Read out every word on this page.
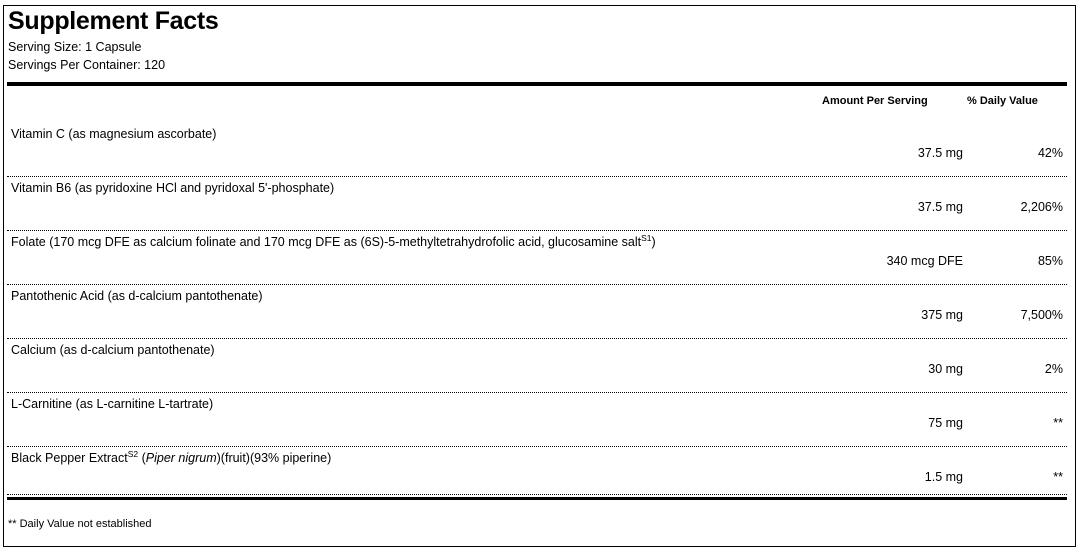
Supplement Facts
Serving Size: 1 Capsule
Servings Per Container: 120
Amount Per Serving	% Daily Value
Vitamin C (as magnesium ascorbate)
37.5 mg	42%
Vitamin B6 (as pyridoxine HCl and pyridoxal 5'-phosphate)
37.5 mg	2,206%
Folate (170 mcg DFE as calcium folinate and 170 mcg DFE as (6S)-5-methyltetrahydrofolic acid, glucosamine salt$^{S1}$)
340 mcg DFE	85%
Pantothenic Acid (as d-calcium pantothenate)
375 mg	7,500%
Calcium (as d-calcium pantothenate)
30 mg	2%
L-Carnitine (as L-carnitine L-tartrate)
75 mg	**
Black Pepper Extract$^{S2}$ (Piper nigrum)(fruit)(93% piperine)
1.5 mg	**
** Daily Value not established
